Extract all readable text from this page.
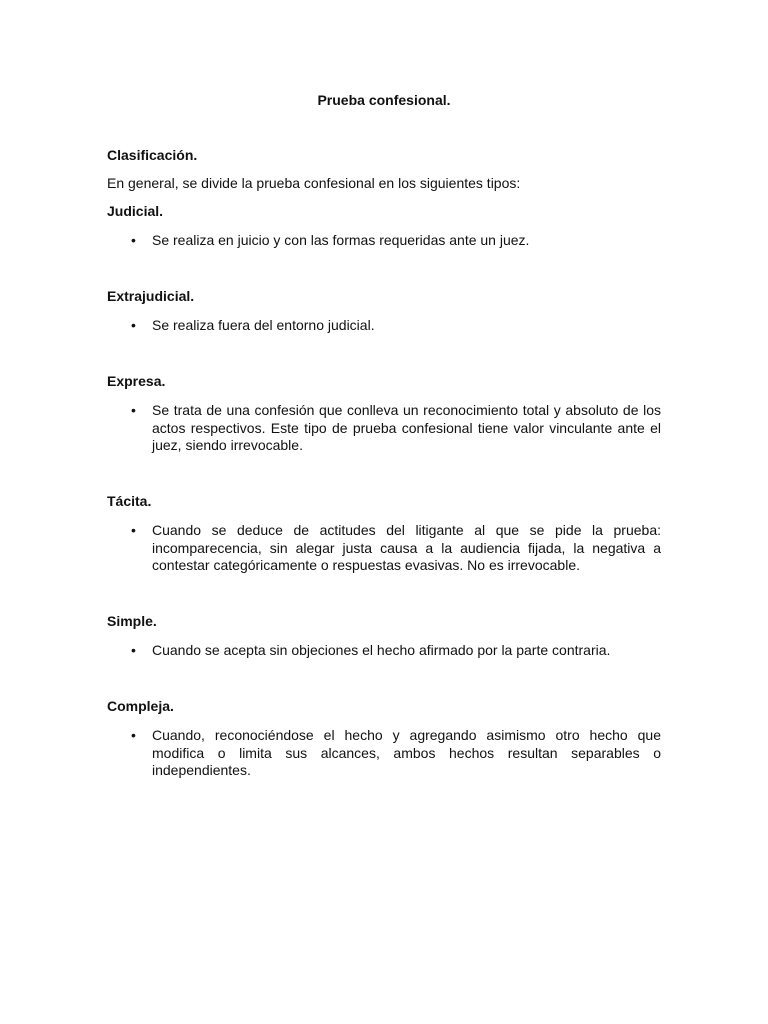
Prueba confesional.
Clasificación.
En general, se divide la prueba confesional en los siguientes tipos:
Judicial.
• Se realiza en juicio y con las formas requeridas ante un juez.
Extrajudicial.
• Se realiza fuera del entorno judicial.
Expresa.
• Se trata de una confesión que conlleva un reconocimiento total y absoluto de los actos respectivos. Este tipo de prueba confesional tiene valor vinculante ante el juez, siendo irrevocable.
Tácita.
• Cuando se deduce de actitudes del litigante al que se pide la prueba: incomparecencia, sin alegar justa causa a la audiencia fijada, la negativa a contestar categóricamente o respuestas evasivas. No es irrevocable.
Simple.
• Cuando se acepta sin objeciones el hecho afirmado por la parte contraria.
Compleja.
• Cuando, reconociéndose el hecho y agregando asimismo otro hecho que modifica o limita sus alcances, ambos hechos resultan separables o independientes.
